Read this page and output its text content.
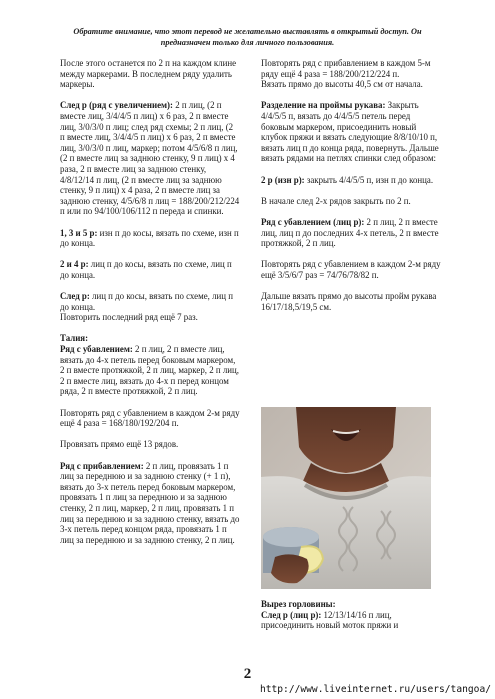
Обратите внимание, что этот перевод не желательно выставлять в открытый доступ. Он
предназначен только для личного пользования.

После этого останется по 2 п на каждом клине между маркерами. В последнем ряду удалить маркеры.

След р (ряд с увеличением): 2 п лиц, (2 п вместе лиц, 3/4/4/5 п лиц) х 6 раз, 2 п вместе лиц, 3/0/3/0 п лиц; след ряд схемы; 2 п лиц, (2 п вместе лиц, 3/4/4/5 п лиц) х 6 раз, 2 п вместе лиц, 3/0/3/0 п лиц, маркер; потом 4/5/6/8 п лиц, (2 п вместе лиц за заднюю стенку, 9 п лиц) х 4 раза, 2 п вместе лиц за заднюю стенку, 4/8/12/14 п лиц, (2 п вместе лиц за заднюю стенку, 9 п лиц) х 4 раза, 2 п вместе лиц за заднюю стенку, 4/5/6/8 п лиц = 188/200/212/224 п или по 94/100/106/112 п переда и спинки.

1, 3 и 5 р: изн п до косы, вязать по схеме, изн п до конца.

2 и 4 р: лиц п до косы, вязать по схеме, лиц п до конца.

След р: лиц п до косы, вязать по схеме, лиц п до конца.
Повторить последний ряд ещё 7 раз.

Талия:
Ряд с убавлением: 2 п лиц, 2 п вместе лиц, вязать до 4-х петель перед боковым маркером, 2 п вместе протяжкой, 2 п лиц, маркер, 2 п лиц, 2 п вместе лиц, вязать до 4-х п перед концом ряда, 2 п вместе протяжкой, 2 п лиц.

Повторять ряд с убавлением в каждом 2-м ряду ещё 4 раза = 168/180/192/204 п.

Провязать прямо ещё 13 рядов.

Ряд с прибавлением: 2 п лиц, провязать 1 п лиц за переднюю и за заднюю стенку (+ 1 п), вязать до 3-х петель перед боковым маркером, провязать 1 п лиц за переднюю и за заднюю стенку, 2 п лиц, маркер, 2 п лиц, провязать 1 п лиц за переднюю и за заднюю стенку, вязать до 3-х петель перед концом ряда, провязать 1 п лиц за переднюю и за заднюю стенку, 2 п лиц.

Повторять ряд с прибавлением в каждом 5-м ряду ещё 4 раза = 188/200/212/224 п.
Вязать прямо до высоты 40,5 см от начала.

Разделение на проймы рукава: Закрыть 4/4/5/5 п, вязать до 4/4/5/5 петель перед боковым маркером, присоединить новый клубок пряжи и вязать следующие 8/8/10/10 п, вязать лиц п до конца ряда, повернуть. Дальше вязать рядами на петлях спинки след образом:

2 р (изн р): закрыть 4/4/5/5 п, изн п до конца.

В начале след 2-х рядов закрыть по 2 п.

Ряд с убавлением (лиц р): 2 п лиц, 2 п вместе лиц, лиц п до последних 4-х петель, 2 п вместе протяжкой, 2 п лиц.

Повторять ряд с убавлением в каждом 2-м ряду ещё 3/5/6/7 раз = 74/76/78/82 п.

Дальше вязать прямо до высоты пройм рукава 16/17/18,5/19,5 см.

Вырез горловины:
След р (лиц р): 12/13/14/16 п лиц, присоединить новый моток пряжи и

2
http://www.liveinternet.ru/users/tangoa/
